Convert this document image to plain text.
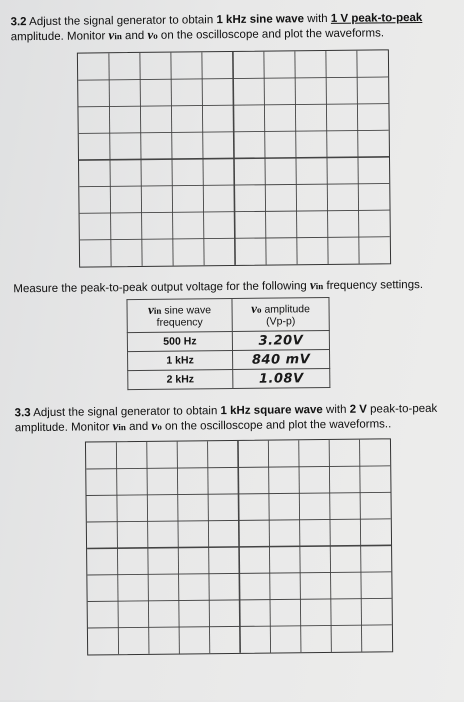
3.2 Adjust the signal generator to obtain 1 kHz sine wave with 1 V peak-to-peak
amplitude. Monitor vin and vo on the oscilloscope and plot the waveforms.
Measure the peak-to-peak output voltage for the following vin frequency settings.
vin sine wave
frequency	vo amplitude
(Vp-p)
500 Hz	3.20V
1 kHz	840 mV
2 kHz	1.08V
3.3 Adjust the signal generator to obtain 1 kHz square wave with 2 V peak-to-peak
amplitude. Monitor vin and vo on the oscilloscope and plot the waveforms..
